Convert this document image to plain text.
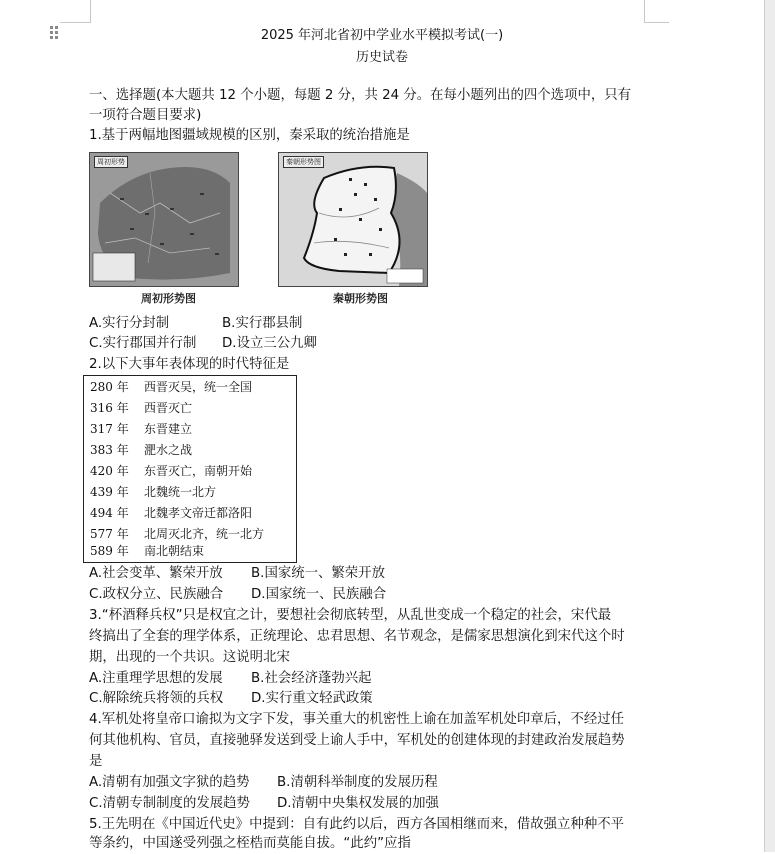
2025 年河北省初中学业水平模拟考试(一)
历史试卷
一、选择题(本大题共 12 个小题，每题 2 分，共 24 分。在每小题列出的四个选项中，只有
一项符合题目要求)
1.基于两幅地图疆域规模的区别，秦采取的统治措施是
周初形势	秦朝形势图
周初形势图	秦朝形势图
A.实行分封制	B.实行郡县制
C.实行郡国并行制 D.设立三公九卿
2.以下大事年表体现的时代特征是
280 年 西晋灭吴，统一全国
316 年 西晋灭亡
317 年 东晋建立
383 年 淝水之战
420 年 东晋灭亡，南朝开始
439 年 北魏统一北方
494 年 北魏孝文帝迁都洛阳
577 年 北周灭北齐，统一北方
589 年 南北朝结束
A.社会变革、繁荣开放 B.国家统一、繁荣开放
C.政权分立、民族融合 D.国家统一、民族融合
3.“杯酒释兵权”只是权宜之计，要想社会彻底转型，从乱世变成一个稳定的社会，宋代最
终搞出了全套的理学体系，正统理论、忠君思想、名节观念，是儒家思想演化到宋代这个时
期，出现的一个共识。这说明北宋
A.注重理学思想的发展 B.社会经济蓬勃兴起
C.解除统兵将领的兵权 D.实行重文轻武政策
4.军机处将皇帝口谕拟为文字下发，事关重大的机密性上谕在加盖军机处印章后，不经过任
何其他机构、官员，直接驰驿发送到受上谕人手中，军机处的创建体现的封建政治发展趋势
是
A.清朝有加强文字狱的趋势 B.清朝科举制度的发展历程
C.清朝专制制度的发展趋势 D.清朝中央集权发展的加强
5.王先明在《中国近代史》中提到：自有此约以后，西方各国相继而来，借故强立种种不平
等条约，中国遂受列强之桎梏而莫能自拔。“此约”应指
